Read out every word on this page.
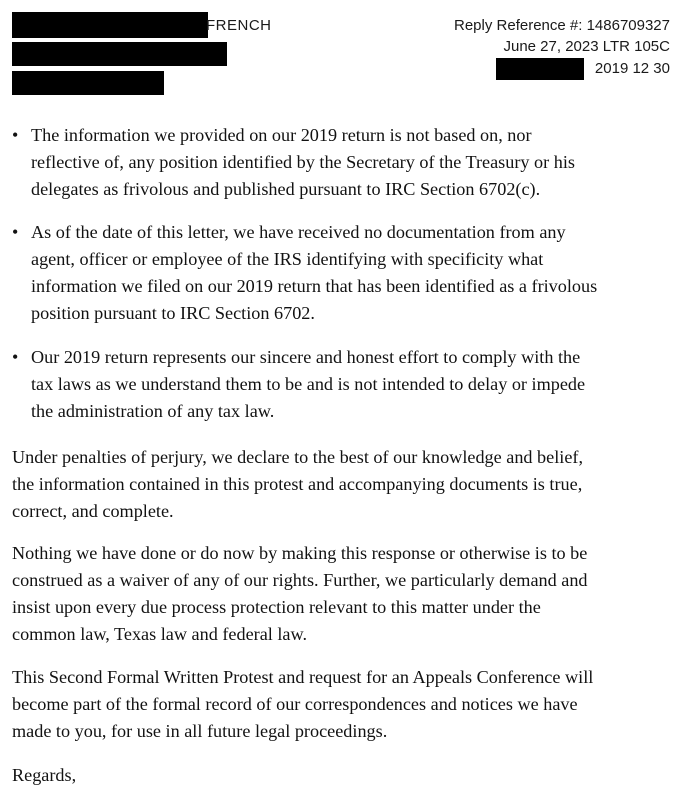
FRENCH	Reply Reference #: 1486709327
June 27, 2023 LTR 105C
2019 12 30
• The information we provided on our 2019 return is not based on, nor
reflective of, any position identified by the Secretary of the Treasury or his
delegates as frivolous and published pursuant to IRC Section 6702(c).
• As of the date of this letter, we have received no documentation from any
agent, officer or employee of the IRS identifying with specificity what
information we filed on our 2019 return that has been identified as a frivolous
position pursuant to IRC Section 6702.
• Our 2019 return represents our sincere and honest effort to comply with the
tax laws as we understand them to be and is not intended to delay or impede
the administration of any tax law.
Under penalties of perjury, we declare to the best of our knowledge and belief,
the information contained in this protest and accompanying documents is true,
correct, and complete.
Nothing we have done or do now by making this response or otherwise is to be
construed as a waiver of any of our rights. Further, we particularly demand and
insist upon every due process protection relevant to this matter under the
common law, Texas law and federal law.
This Second Formal Written Protest and request for an Appeals Conference will
become part of the formal record of our correspondences and notices we have
made to you, for use in all future legal proceedings.
Regards,
